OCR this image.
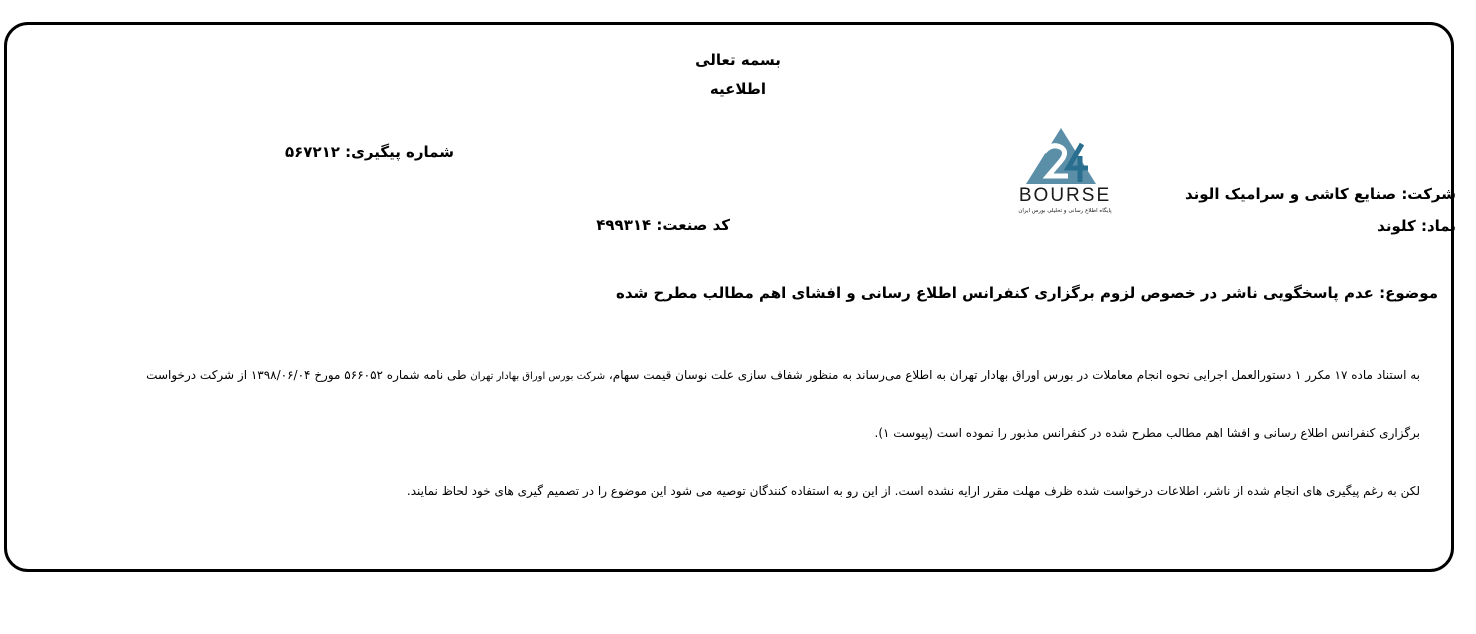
بسمه تعالی
اطلاعیه
شماره پیگیری: ۵۶۷۲۱۲
شرکت: صنایع کاشی و سرامیک الوند
نماد: کلوند
کد صنعت: ۴۹۹۳۱۴
BOURSE
پایگاه اطلاع رسانی و تحلیلی بورس ایران
موضوع: عدم پاسخگویی ناشر در خصوص لزوم برگزاری کنفرانس اطلاع رسانی و افشای اهم مطالب مطرح شده
به استناد ماده ۱۷ مکرر ۱ دستورالعمل اجرایی نحوه انجام معاملات در بورس اوراق بهادار تهران به اطلاع می‌رساند به منظور شفاف سازی علت نوسان قیمت سهام، شرکت بورس اوراق بهادار تهران طی نامه شماره ۵۶۶۰۵۲ مورخ ۱۳۹۸/۰۶/۰۴ از شرکت درخواست
برگزاری کنفرانس اطلاع رسانی و افشا اهم مطالب مطرح شده در کنفرانس مذبور را نموده است (پیوست ۱).
لکن به رغم پیگیری های انجام شده از ناشر، اطلاعات درخواست شده ظرف مهلت مقرر ارایه نشده است. از این رو به استفاده کنندگان توصیه می شود این موضوع را در تصمیم گیری های خود لحاظ نمایند.
